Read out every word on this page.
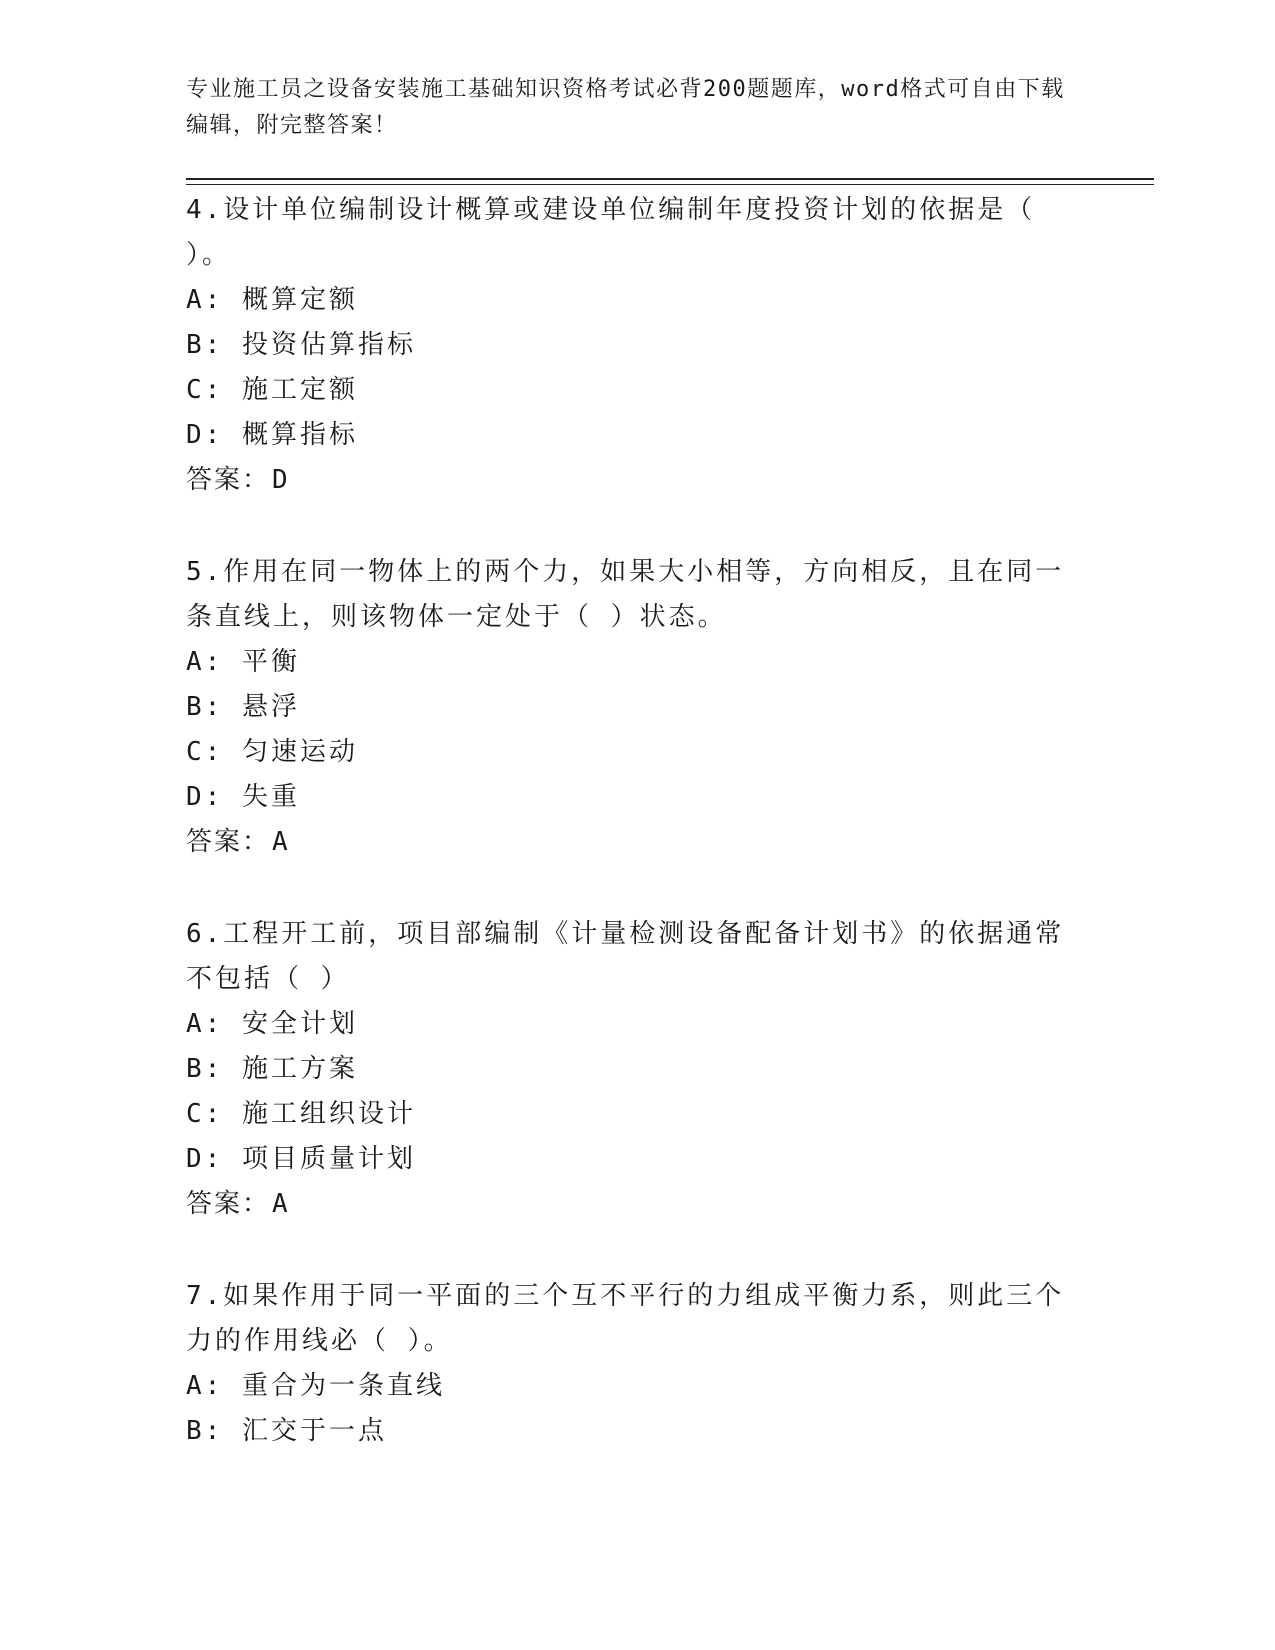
专业施工员之设备安装施工基础知识资格考试必背200题题库，word格式可自由下载编辑，附完整答案！
4.设计单位编制设计概算或建设单位编制年度投资计划的依据是（ ）。
A: 概算定额
B: 投资估算指标
C: 施工定额
D: 概算指标
答案：D
5.作用在同一物体上的两个力，如果大小相等，方向相反，且在同一条直线上，则该物体一定处于（ ）状态。
A: 平衡
B: 悬浮
C: 匀速运动
D: 失重
答案：A
6.工程开工前，项目部编制《计量检测设备配备计划书》的依据通常不包括（ ）
A: 安全计划
B: 施工方案
C: 施工组织设计
D: 项目质量计划
答案：A
7.如果作用于同一平面的三个互不平行的力组成平衡力系，则此三个力的作用线必（ ）。
A: 重合为一条直线
B: 汇交于一点
